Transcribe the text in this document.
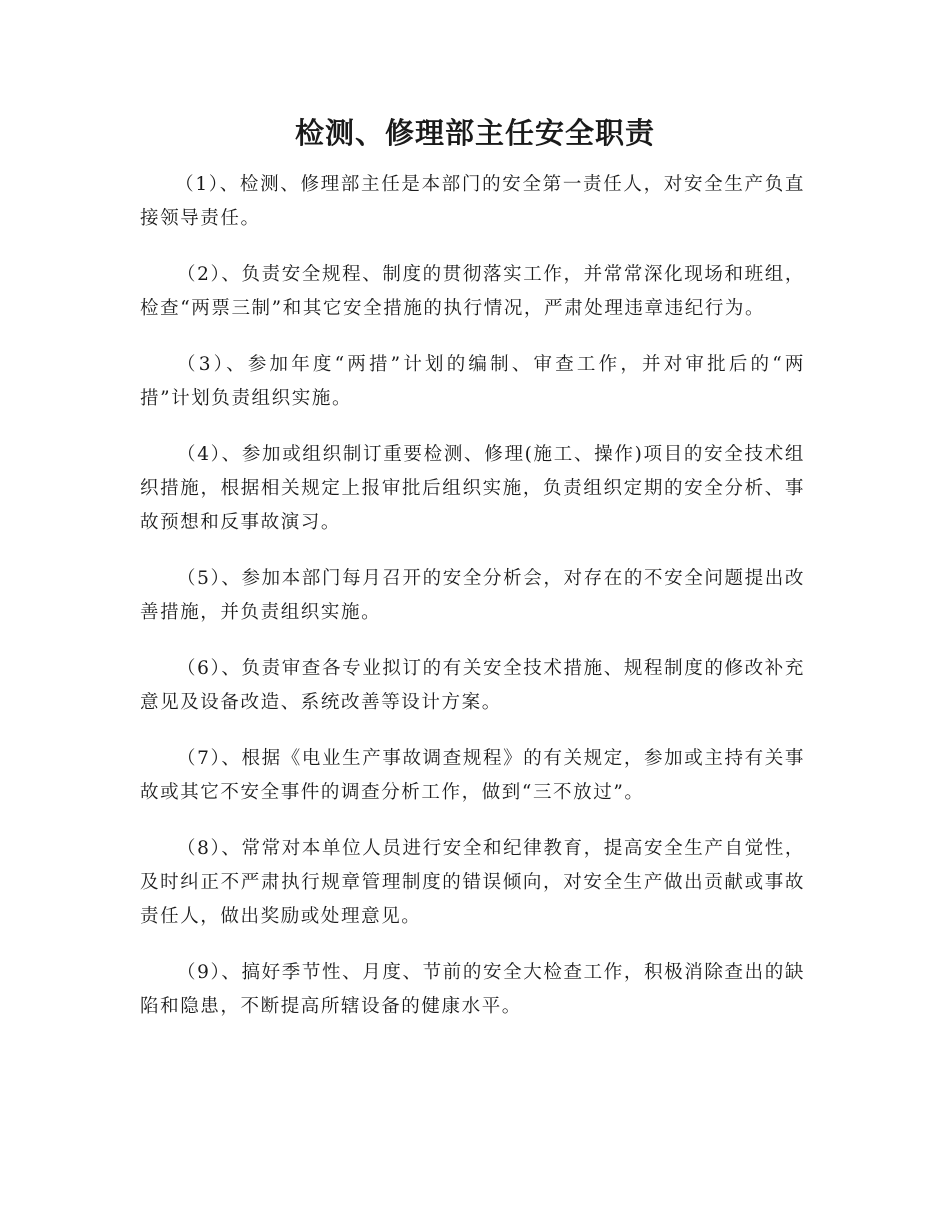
检测、修理部主任安全职责

（1）、检测、修理部主任是本部门的安全第一责任人，对安全生产负直接领导责任。

（2）、负责安全规程、制度的贯彻落实工作，并常常深化现场和班组，检查“两票三制”和其它安全措施的执行情况，严肃处理违章违纪行为。

（3）、参加年度“两措”计划的编制、审查工作，并对审批后的“两措”计划负责组织实施。

（4）、参加或组织制订重要检测、修理(施工、操作)项目的安全技术组织措施，根据相关规定上报审批后组织实施，负责组织定期的安全分析、事故预想和反事故演习。

（5）、参加本部门每月召开的安全分析会，对存在的不安全问题提出改善措施，并负责组织实施。

（6）、负责审查各专业拟订的有关安全技术措施、规程制度的修改补充意见及设备改造、系统改善等设计方案。

（7）、根据《电业生产事故调查规程》的有关规定，参加或主持有关事故或其它不安全事件的调查分析工作，做到“三不放过”。

（8）、常常对本单位人员进行安全和纪律教育，提高安全生产自觉性，及时纠正不严肃执行规章管理制度的错误倾向，对安全生产做出贡献或事故责任人，做出奖励或处理意见。

（9）、搞好季节性、月度、节前的安全大检查工作，积极消除查出的缺陷和隐患，不断提高所辖设备的健康水平。
